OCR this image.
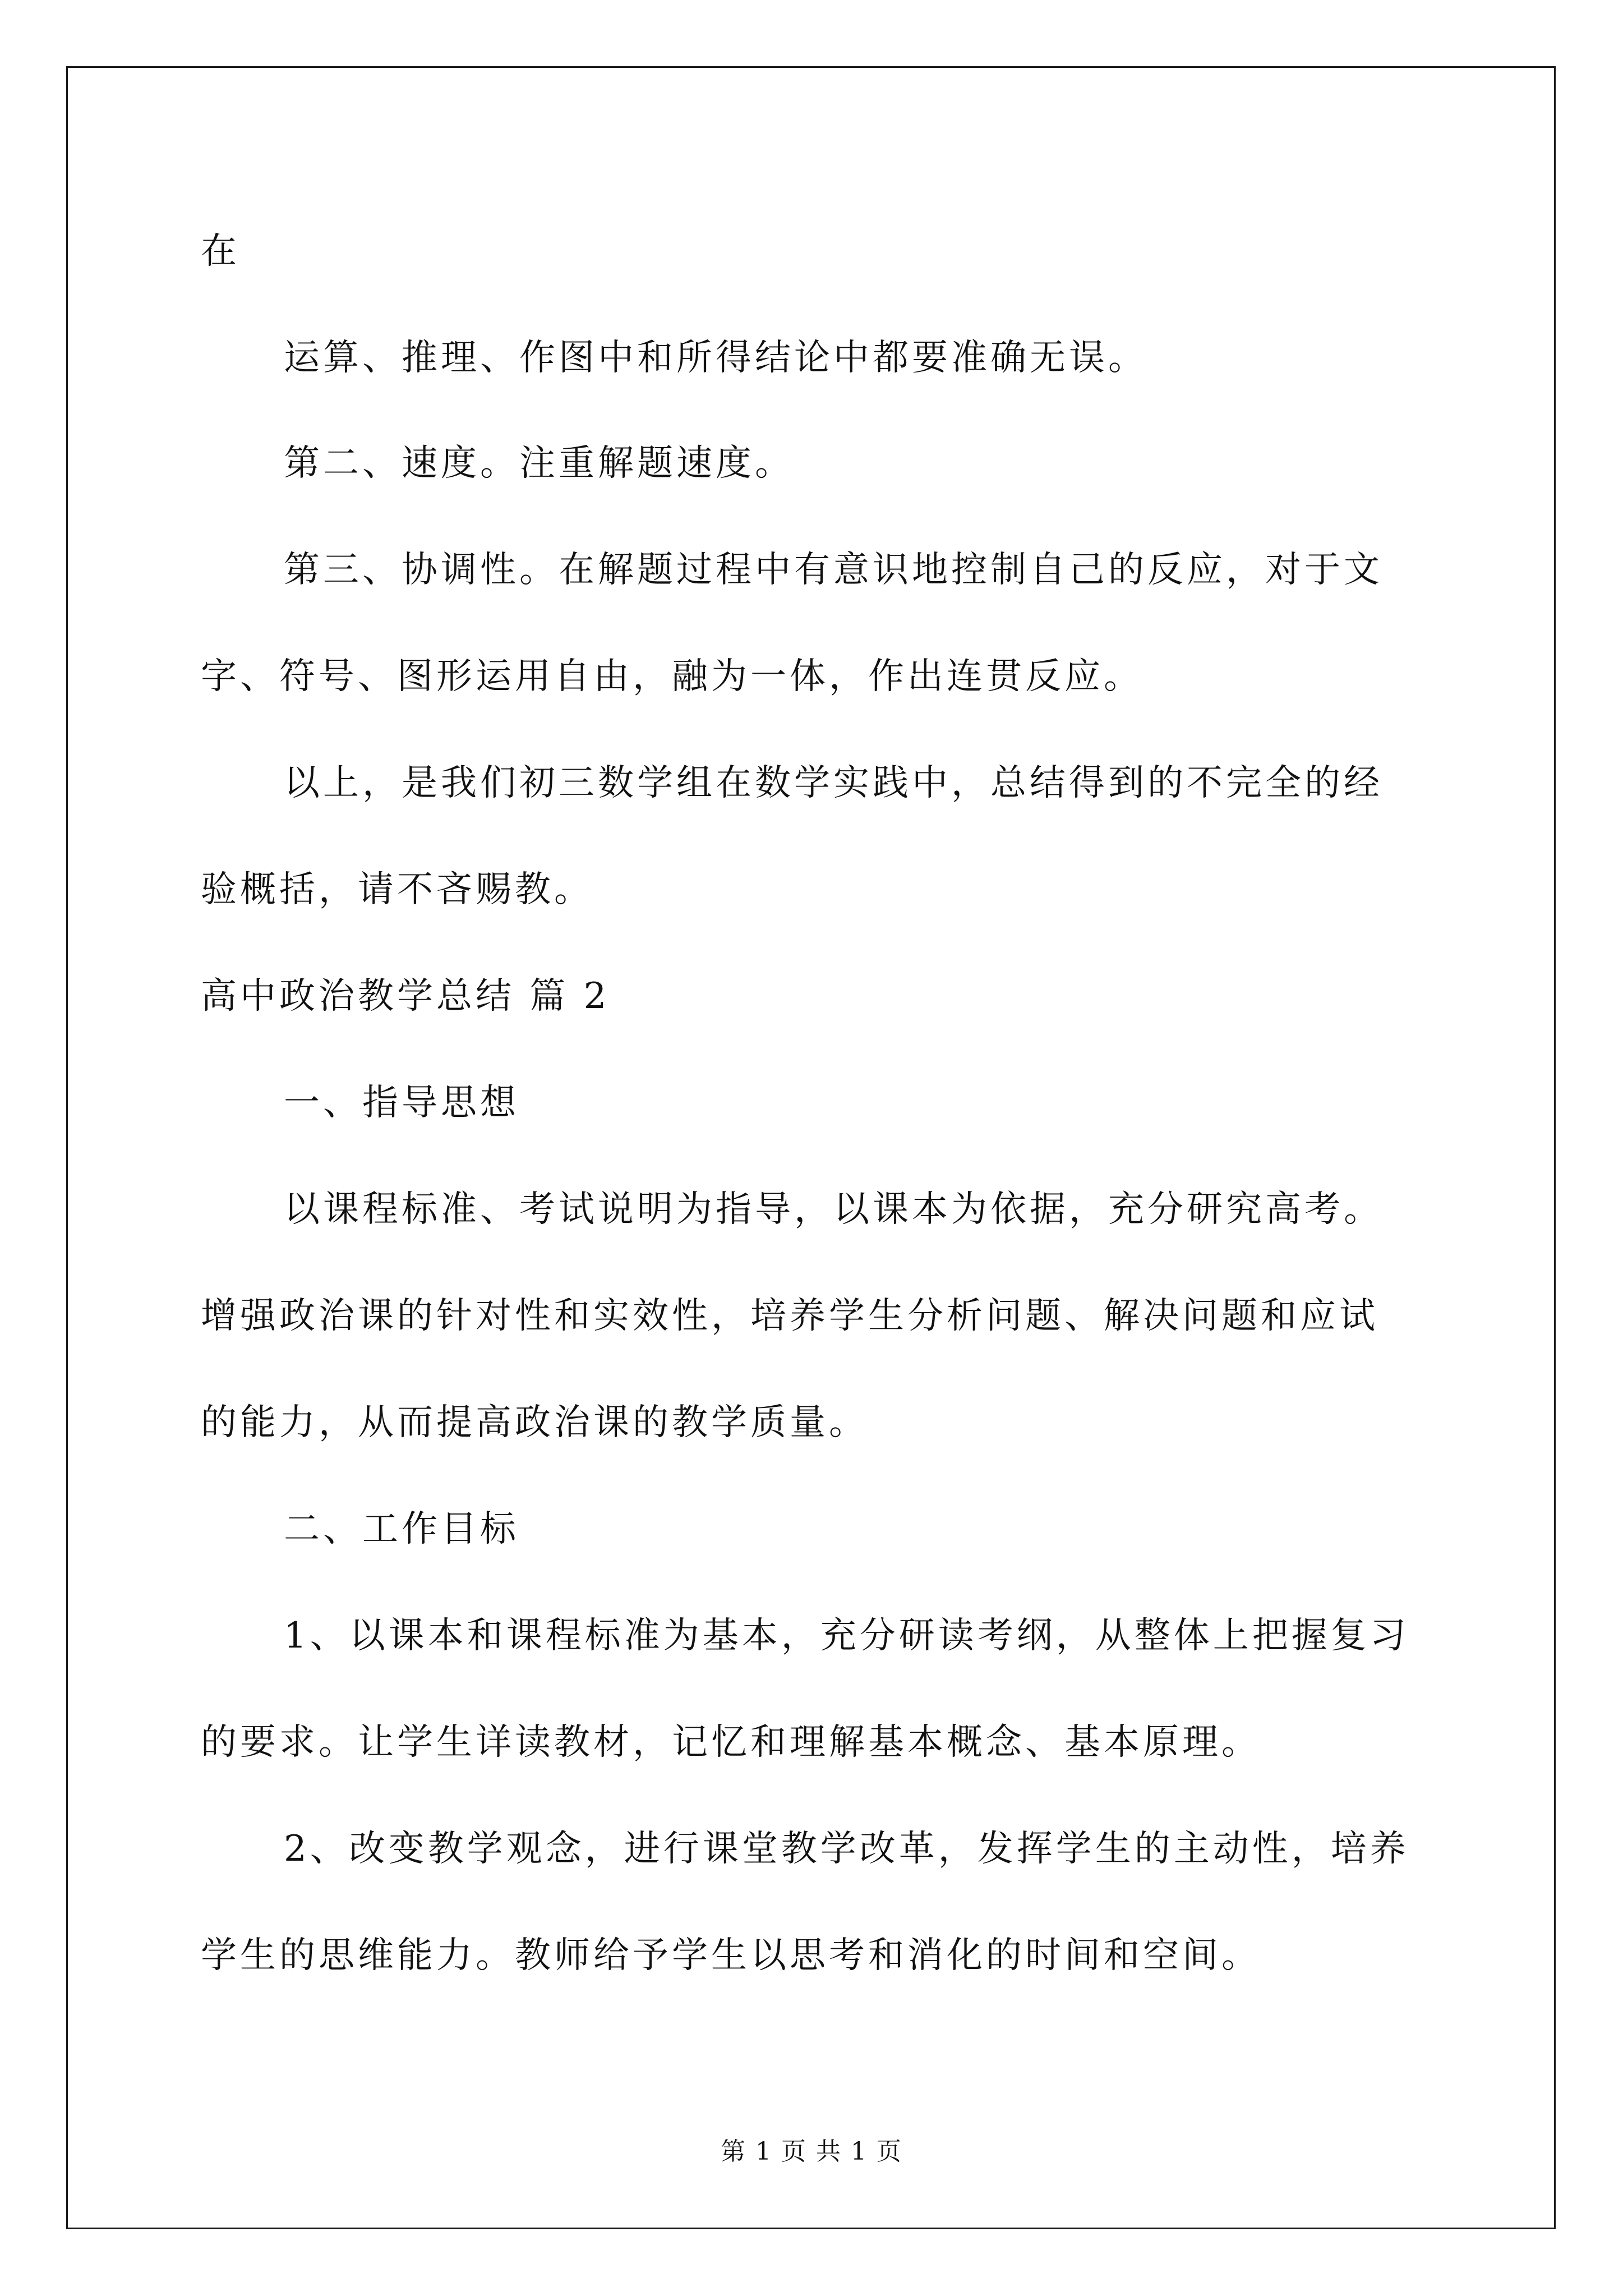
在
运算、推理、作图中和所得结论中都要准确无误。
第二、速度。注重解题速度。
第三、协调性。在解题过程中有意识地控制自己的反应，对于文
字、符号、图形运用自由，融为一体，作出连贯反应。
以上，是我们初三数学组在数学实践中，总结得到的不完全的经
验概括，请不吝赐教。
高中政治教学总结 篇 2
一、指导思想
以课程标准、考试说明为指导，以课本为依据，充分研究高考。
增强政治课的针对性和实效性，培养学生分析问题、解决问题和应试
的能力，从而提高政治课的教学质量。
二、工作目标
1、以课本和课程标准为基本，充分研读考纲，从整体上把握复习
的要求。让学生详读教材，记忆和理解基本概念、基本原理。
2、改变教学观念，进行课堂教学改革，发挥学生的主动性，培养
学生的思维能力。教师给予学生以思考和消化的时间和空间。
第 1 页 共 1 页
